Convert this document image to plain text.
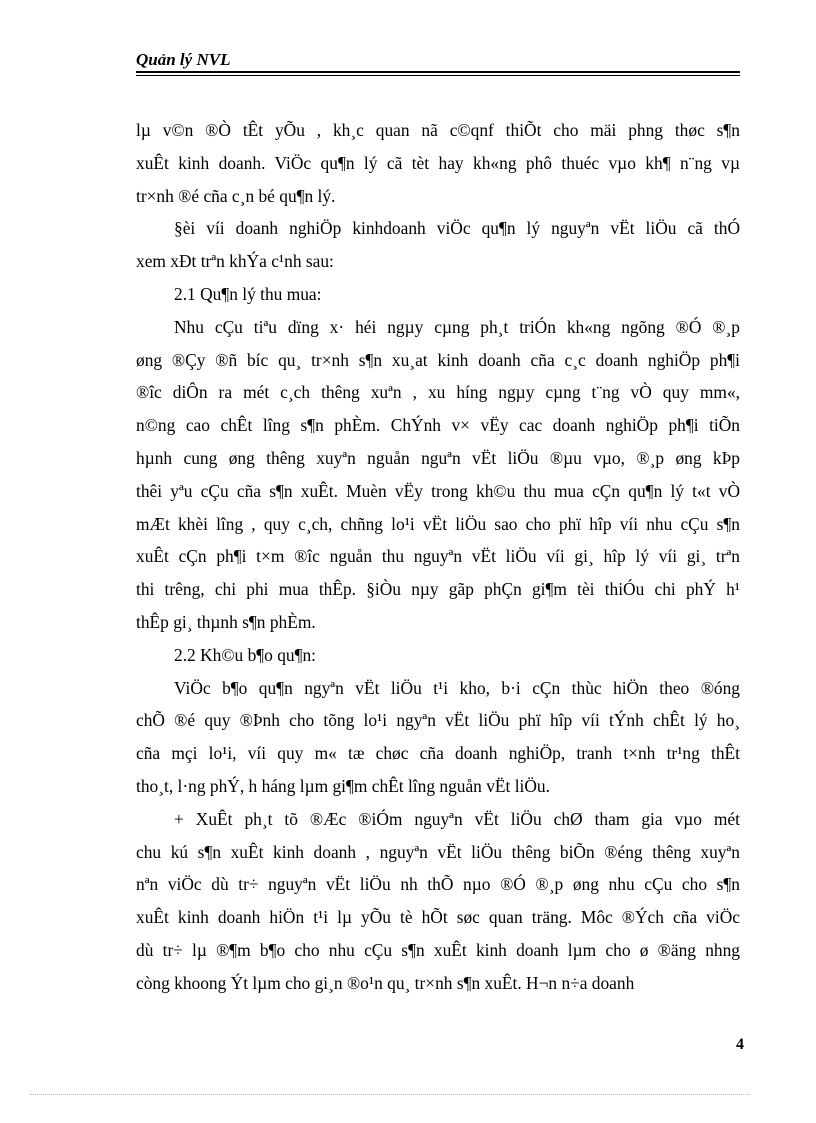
Quản lý NVL

lµ v©n ®Ò tÊt yÕu , kh¸c quan nã c©qnf thiÕt cho mäi phng thøc s¶n
xuÊt kinh doanh. ViÖc qu¶n lý cã tèt hay kh«ng phô thuéc vµo kh¶ n¨ng vµ
tr×nh ®é cña c¸n bé qu¶n lý.

§èi víi doanh nghiÖp kinhdoanh viÖc qu¶n lý nguyªn vËt liÖu cã thÓ
xem xÐt trªn khÝa c¹nh sau:

2.1 Qu¶n lý thu mua:

Nhu cÇu tiªu dïng x· héi ngµy cµng ph¸t triÓn kh«ng ngõng ®Ó ®¸p
øng ®Çy ®ñ bíc qu¸ tr×nh s¶n xu¸at kinh doanh cña c¸c doanh nghiÖp ph¶i
®îc diÔn ra mét c¸ch thêng xuªn , xu híng ngµy cµng t¨ng vÒ quy mm«,
n©ng cao chÊt lîng s¶n phÈm. ChÝnh v× vËy cac doanh nghiÖp ph¶i tiÕn
hµnh cung øng thêng xuyªn nguån nguªn vËt liÖu ®µu vµo, ®¸p øng kÞp
thêi yªu cÇu cña s¶n xuÊt. Muèn vËy trong kh©u thu mua cÇn qu¶n lý t«t vÒ
mÆt khèi lîng , quy c¸ch, chñng lo¹i vËt liÖu sao cho phï hîp víi nhu cÇu s¶n
xuÊt cÇn ph¶i t×m ®îc nguån thu nguyªn vËt liÖu víi gi¸ hîp lý víi gi¸ trªn
thi trêng, chi phi mua thÊp. §iÒu nµy gãp phÇn gi¶m tèi thiÓu chi phÝ h¹
thÊp gi¸ thµnh s¶n phÈm.

2.2 Kh©u b¶o qu¶n:

ViÖc b¶o qu¶n ngyªn vËt liÖu t¹i kho, b·i cÇn thùc hiÖn theo ®óng
chÕ ®é quy ®Þnh cho tõng lo¹i ngyªn vËt liÖu phï hîp víi tÝnh chÊt lý ho¸
cña mçi lo¹i, víi quy m« tæ chøc cña doanh nghiÖp, tranh t×nh tr¹ng thÊt
tho¸t, l·ng phÝ, h háng lµm gi¶m chÊt lîng nguån vËt liÖu.

+ XuÊt ph¸t tõ ®Æc ®iÓm nguyªn vËt liÖu chØ tham gia vµo mét
chu kú s¶n xuÊt kinh doanh , nguyªn vËt liÖu thêng biÕn ®éng thêng xuyªn
nªn viÖc dù tr÷ nguyªn vËt liÖu nh thÕ nµo ®Ó ®¸p øng nhu cÇu cho s¶n
xuÊt kinh doanh hiÖn t¹i lµ yÕu tè hÕt søc quan träng. Môc ®Ých cña viÖc
dù tr÷ lµ ®¶m b¶o cho nhu cÇu s¶n xuÊt kinh doanh lµm cho ø ®äng nhng
còng khoong Ýt lµm cho gi¸n ®o¹n qu¸ tr×nh s¶n xuÊt. H¬n n÷a doanh

4
